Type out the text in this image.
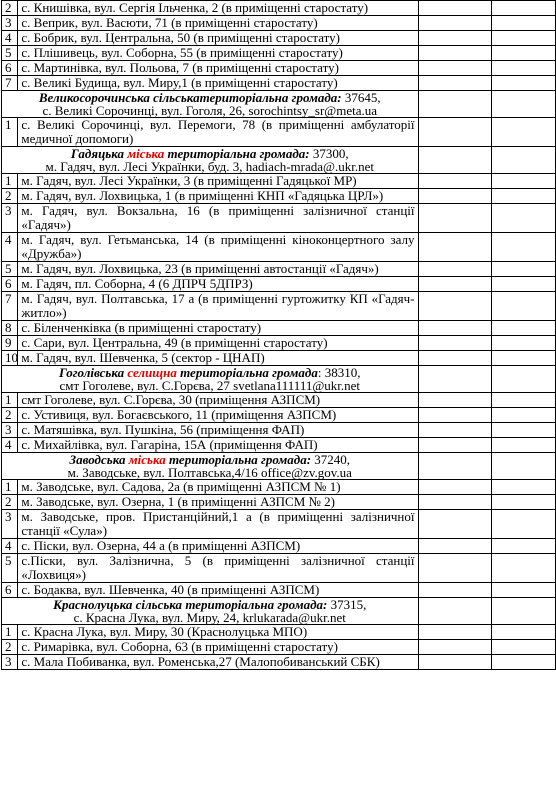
2	с. Книшівка, вул. Сергія Ільченка, 2 (в приміщенні старостату)		
3	с. Веприк, вул. Васюти, 71 (в приміщенні старостату)		
4	с. Бобрик, вул. Центральна, 50 (в приміщенні старостату)		
5	с. Плішивець, вул. Соборна, 55 (в приміщенні старостату)		
6	с. Мартинівка, вул. Польова, 7 (в приміщенні старостату)		
7	с. Великі Будища, вул. Миру,1 (в приміщенні старостату)		

Великосорочинська сільськатериторіальна громада: 37645,
с. Великі Сорочинці, вул. Гоголя, 26, sorochintsy_sr@meta.ua			

1	с. Великі Сорочинці, вул. Перемоги, 78 (в приміщенні амбулаторії медичної допомоги)		

Гадяцька міська територіальна громада: 37300,
м. Гадяч, вул. Лесі Українки, буд. 3, hadiach-mrada@.ukr.net			

1	м. Гадяч, вул. Лесі Українки, 3 (в приміщенні Гадяцької МР)		
2	м. Гадяч, вул. Лохвицька, 1 (в приміщенні КНП «Гадяцька ЦРЛ»)		
3	м. Гадяч, вул. Вокзальна, 16 (в приміщенні залізничної станції «Гадяч»)		
4	м. Гадяч, вул. Гетьманська, 14 (в приміщенні кіноконцертного залу «Дружба»)		
5	м. Гадяч, вул. Лохвицька, 23 (в приміщенні автостанції «Гадяч»)		
6	м. Гадяч, пл. Соборна, 4 (6 ДПРЧ 5ДПРЗ)		
7	м. Гадяч, вул. Полтавська, 17 а (в приміщенні гуртожитку КП «Гадяч-житло»)		
8	с. Біленченківка (в приміщенні старостату)		
9	с. Сари, вул. Центральна, 49 (в приміщенні старостату)		
10	м. Гадяч, вул. Шевченка, 5 (сектор - ЦНАП)		

Гоголівська селищна територіальна громада: 38310,
смт Гоголеве, вул. С.Горєва, 27 svetlana111111@ukr.net			

1	смт Гоголеве, вул. С.Горєва, 30 (приміщення АЗПСМ)		
2	с. Устивиця, вул. Богаєвського, 11 (приміщення АЗПСМ)		
3	с. Матяшівка, вул. Пушкіна, 56 (приміщення ФАП)		
4	с. Михайлівка, вул. Гагаріна, 15А (приміщення ФАП)		

Заводська міська територіальна громада: 37240,
м. Заводське, вул. Полтавська,4/16 office@zv.gov.ua			

1	м. Заводське, вул. Садова, 2а (в приміщенні АЗПСМ № 1)		
2	м. Заводське, вул. Озерна, 1 (в приміщенні АЗПСМ № 2)		
3	м. Заводське, пров. Пристанційний,1 а (в приміщенні залізничної станції «Сула»)		
4	с. Піски, вул. Озерна, 44 а (в приміщенні АЗПСМ)		
5	с.Піски, вул. Залізнична, 5 (в приміщенні залізничної станції «Лохвиця»)		
6	с. Бодаква, вул. Шевченка, 40 (в приміщенні АЗПСМ)		

Краснолуцька сільська територіальна громада: 37315,
с. Красна Лука, вул. Миру, 24, krlukarada@ukr.net			

1	с. Красна Лука, вул. Миру, 30 (Краснолуцька МПО)		
2	с. Римарівка, вул. Соборна, 63 (в приміщенні старостату)		
3	с. Мала Побиванка, вул. Роменська,27 (Малопобиванський СБК)		
